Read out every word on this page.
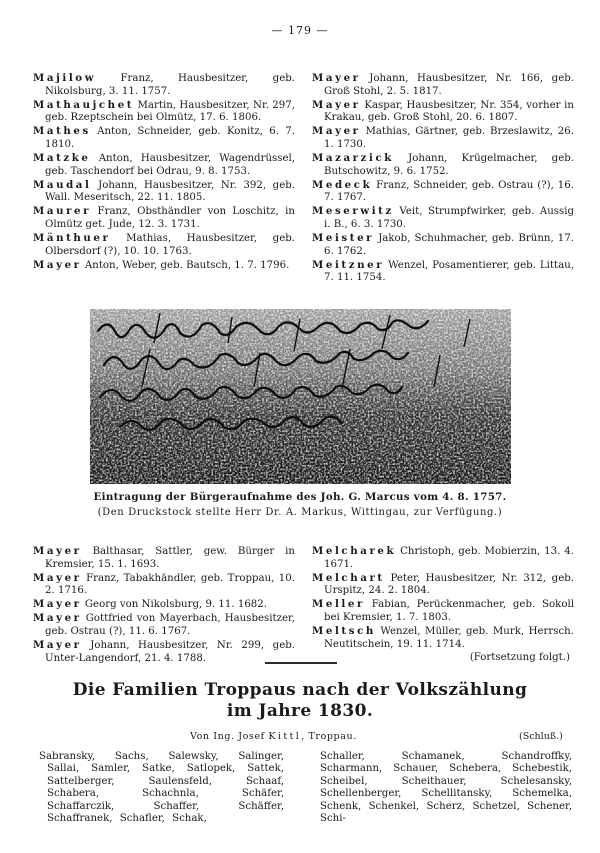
— 179 —

Majilow Franz, Hausbesitzer, geb. Nikolsburg, 3. 11. 1757.

Mathaujchet Martin, Hausbesitzer, Nr. 297, geb. Rzeptschein bei Olmütz, 17. 6. 1806.

Mathes Anton, Schneider, geb. Konitz, 6. 7. 1810.

Matzke Anton, Hausbesitzer, Wagendrüssel, geb. Taschendorf bei Odrau, 9. 8. 1753.

Maudal Johann, Hausbesitzer, Nr. 392, geb. Wall. Meseritsch, 22. 11. 1805.

Maurer Franz, Obsthändler von Loschitz, in Olmütz get. Jude, 12. 3. 1731.

Mänthuer Mathias, Hausbesitzer, geb. Olbersdorf (?), 10. 10. 1763.

Mayer Anton, Weber, geb. Bautsch, 1. 7. 1796.

Mayer Johann, Hausbesitzer, Nr. 166, geb. Groß Stohl, 2. 5. 1817.

Mayer Kaspar, Hausbesitzer, Nr. 354, vorher in Krakau, geb. Groß Stohl, 20. 6. 1807.

Mayer Mathias, Gärtner, geb. Brzeslawitz, 26. 1. 1730.

Mazarzick Johann, Krügelmacher, geb. Butschowitz, 9. 6. 1752.

Medeck Franz, Schneider, geb. Ostrau (?), 16. 7. 1767.

Meserwitz Veit, Strumpfwirker, geb. Aussig i. B., 6. 3. 1730.

Meister Jakob, Schuhmacher, geb. Brünn, 17. 6. 1762.

Meitzner Wenzel, Posamentierer, geb. Littau, 7. 11. 1754.

Eintragung der Bürgeraufnahme des Joh. G. Marcus vom 4. 8. 1757.
(Den Druckstock stellte Herr Dr. A. Markus, Wittingau, zur Verfügung.)

Mayer Balthasar, Sattler, gew. Bürger in Kremsier, 15. 1. 1693.

Mayer Franz, Tabakhändler, geb. Troppau, 10. 2. 1716.

Mayer Georg von Nikolsburg, 9. 11. 1682.

Mayer Gottfried von Mayerbach, Hausbesitzer, geb. Ostrau (?), 11. 6. 1767.

Mayer Johann, Hausbesitzer, Nr. 299, geb. Unter-Langendorf, 21. 4. 1788.

Melcharek Christoph, geb. Mobierzin, 13. 4. 1671.

Melchart Peter, Hausbesitzer, Nr. 312, geb. Urspitz, 24. 2. 1804.

Meller Fabian, Perückenmacher, geb. Sokoll bei Kremsier, 1. 7. 1803.

Meltsch Wenzel, Müller, geb. Murk, Herrsch. Neutitschein, 19. 11. 1714.

(Fortsetzung folgt.)
Die Familien Troppaus nach der Volkszählung
im Jahre 1830.
Von Ing. Josef Kittl, Troppau.	(Schluß.)
Sabransky, Sachs, Salewsky, Salinger, Sallai, Samler, Satke, Satlopek, Sattek, Sattelberger, Saulensfeld, Schaaf, Schabera, Schachnla, Schäfer, Schaffarczik, Schaffer, Schäffer, Schaffranek, Schafler, Schak,
Schaller, Schamanek, Schandroffky, Scharmann, Schauer, Schebera, Schebestik, Scheibel, Scheithauer, Schelesansky, Schellenberger, Schellitansky, Schemelka, Schenk, Schenkel, Scherz, Schetzel, Schener, Schi-
